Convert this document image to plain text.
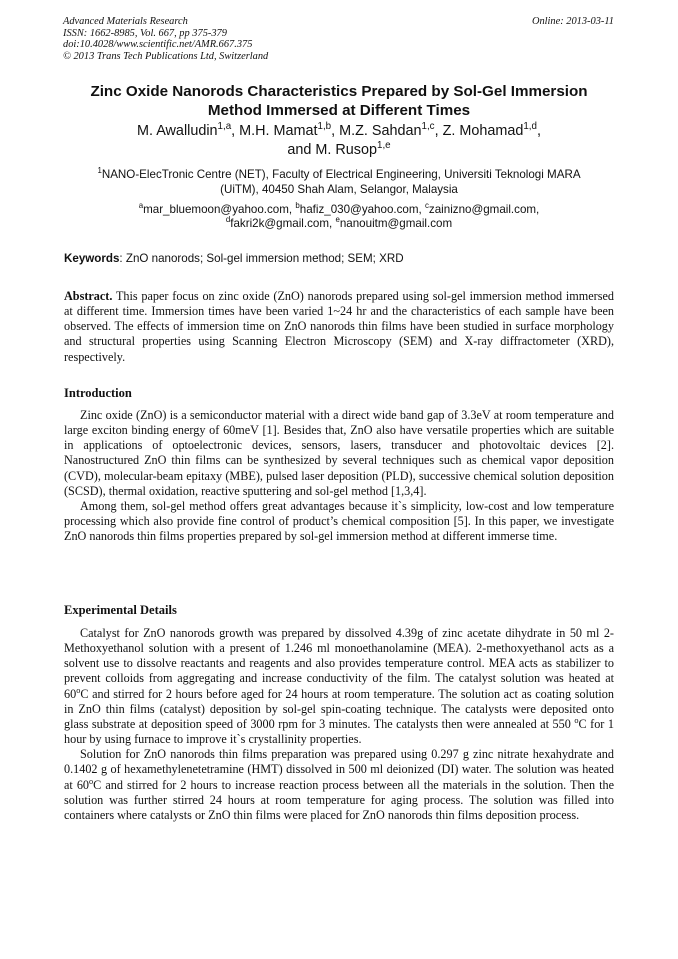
Advanced Materials Research
ISSN: 1662-8985, Vol. 667, pp 375-379
doi:10.4028/www.scientific.net/AMR.667.375
© 2013 Trans Tech Publications Ltd, Switzerland
Online: 2013-03-11
Zinc Oxide Nanorods Characteristics Prepared by Sol-Gel Immersion
Method Immersed at Different Times
M. Awalludin$^{1,a}$, M.H. Mamat$^{1,b}$, M.Z. Sahdan$^{1,c}$, Z. Mohamad$^{1,d}$,
and M. Rusop$^{1,e}$
$^1$NANO-ElecTronic Centre (NET), Faculty of Electrical Engineering, Universiti Teknologi MARA
(UiTM), 40450 Shah Alam, Selangor, Malaysia
$^a$mar_bluemoon@yahoo.com, $^b$hafiz_030@yahoo.com, $^c$zainizno@gmail.com,
$^d$fakri2k@gmail.com, $^e$nanouitm@gmail.com
Keywords: ZnO nanorods; Sol-gel immersion method; SEM; XRD

Abstract. This paper focus on zinc oxide (ZnO) nanorods prepared using sol-gel immersion method immersed at different time. Immersion times have been varied 1~24 hr and the characteristics of each sample have been observed. The effects of immersion time on ZnO nanorods thin films have been studied in surface morphology and structural properties using Scanning Electron Microscopy (SEM) and X-ray diffractometer (XRD), respectively.

Introduction

Zinc oxide (ZnO) is a semiconductor material with a direct wide band gap of 3.3eV at room temperature and large exciton binding energy of 60meV [1]. Besides that, ZnO also have versatile properties which are suitable in applications of optoelectronic devices, sensors, lasers, transducer and photovoltaic devices [2]. Nanostructured ZnO thin films can be synthesized by several techniques such as chemical vapor deposition (CVD), molecular-beam epitaxy (MBE), pulsed laser deposition (PLD), successive chemical solution deposition (SCSD), thermal oxidation, reactive sputtering and sol-gel method [1,3,4].

Among them, sol-gel method offers great advantages because it`s simplicity, low-cost and low temperature processing which also provide fine control of product’s chemical composition [5]. In this paper, we investigate ZnO nanorods thin films properties prepared by sol-gel immersion method at different immerse time.

Experimental Details

Catalyst for ZnO nanorods growth was prepared by dissolved 4.39g of zinc acetate dihydrate in 50 ml 2-Methoxyethanol solution with a present of 1.246 ml monoethanolamine (MEA). 2-methoxyethanol acts as a solvent use to dissolve reactants and reagents and also provides temperature control. MEA acts as stabilizer to prevent colloids from aggregating and increase conductivity of the film. The catalyst solution was heated at 60$^o$C and stirred for 2 hours before aged for 24 hours at room temperature. The solution act as coating solution in ZnO thin films (catalyst) deposition by sol-gel spin-coating technique. The catalysts were deposited onto glass substrate at deposition speed of 3000 rpm for 3 minutes. The catalysts then were annealed at 550 $^o$C for 1 hour by using furnace to improve it`s crystallinity properties.

Solution for ZnO nanorods thin films preparation was prepared using 0.297 g zinc nitrate hexahydrate and 0.1402 g of hexamethylenetetramine (HMT) dissolved in 500 ml deionized (DI) water. The solution was heated at 60$^o$C and stirred for 2 hours to increase reaction process between all the materials in the solution. Then the solution was further stirred 24 hours at room temperature for aging process. The solution was filled into containers where catalysts or ZnO thin films were placed for ZnO nanorods thin films deposition process.
